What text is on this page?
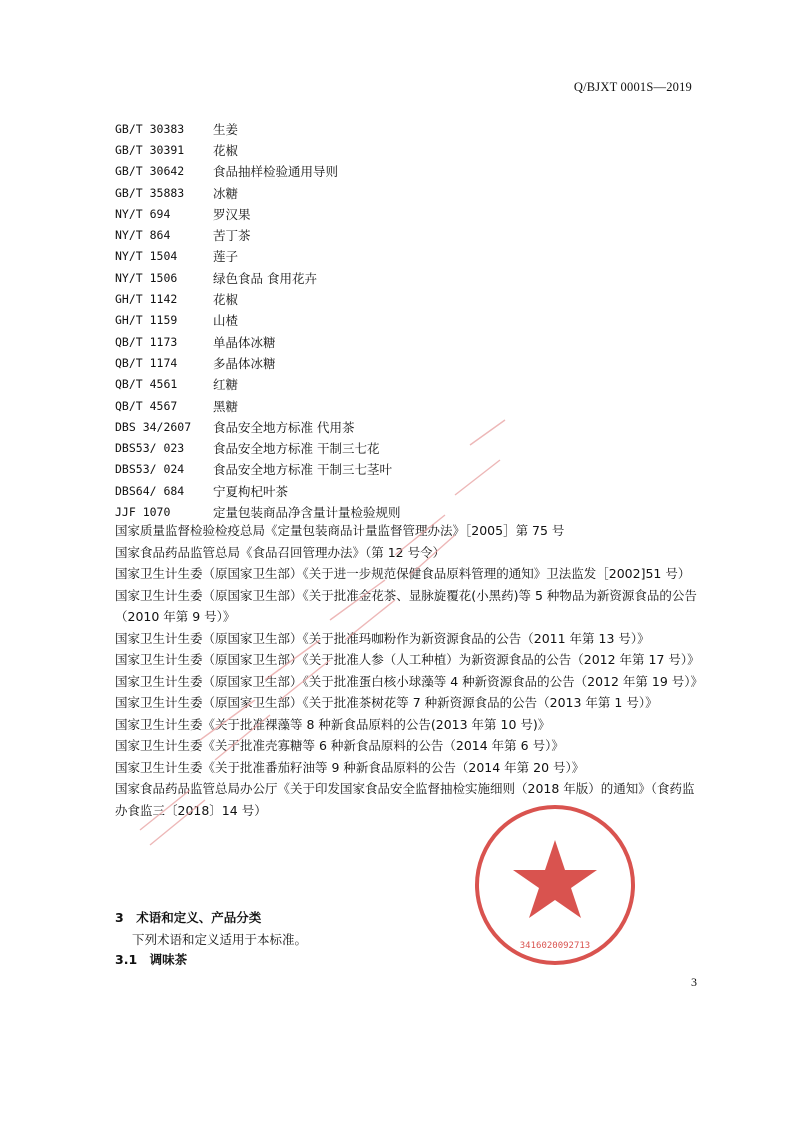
Q/BJXT 0001S—2019
GB/T 30383	生姜
GB/T 30391	花椒
GB/T 30642	食品抽样检验通用导则
GB/T 35883	冰糖
NY/T 694	罗汉果
NY/T 864	苦丁茶
NY/T 1504	莲子
NY/T 1506	绿色食品 食用花卉
GH/T 1142	花椒
GH/T 1159	山楂
QB/T 1173	单晶体冰糖
QB/T 1174	多晶体冰糖
QB/T 4561	红糖
QB/T 4567	黑糖
DBS 34/2607	食品安全地方标准 代用茶
DBS53/ 023	食品安全地方标准 干制三七花
DBS53/ 024	食品安全地方标准 干制三七茎叶
DBS64/ 684	宁夏枸杞叶茶
JJF 1070	定量包装商品净含量计量检验规则

国家质量监督检验检疫总局《定量包装商品计量监督管理办法》［2005］第 75 号

国家食品药品监管总局《食品召回管理办法》（第 12 号令）

国家卫生计生委（原国家卫生部）《关于进一步规范保健食品原料管理的通知》卫法监发［2002]51 号）

国家卫生计生委（原国家卫生部）《关于批准金花茶、显脉旋覆花(小黑药)等 5 种物品为新资源食品的公告（2010 年第 9 号）》

国家卫生计生委（原国家卫生部）《关于批准玛咖粉作为新资源食品的公告（2011 年第 13 号）》

国家卫生计生委（原国家卫生部）《关于批准人参（人工种植）为新资源食品的公告（2012 年第 17 号）》

国家卫生计生委（原国家卫生部）《关于批准蛋白核小球藻等 4 种新资源食品的公告（2012 年第 19 号）》

国家卫生计生委（原国家卫生部）《关于批准茶树花等 7 种新资源食品的公告（2013 年第 1 号）》

国家卫生计生委《关于批准裸藻等 8 种新食品原料的公告(2013 年第 10 号)》

国家卫生计生委《关于批准壳寡糖等 6 种新食品原料的公告（2014 年第 6 号）》

国家卫生计生委《关于批准番茄籽油等 9 种新食品原料的公告（2014 年第 20 号）》

国家食品药品监管总局办公厅《关于印发国家食品安全监督抽检实施细则（2018 年版）的通知》（食药监办食监三〔2018〕14 号）

3　术语和定义、产品分类
下列术语和定义适用于本标准。
3.1　调味茶
3
3416020092713
